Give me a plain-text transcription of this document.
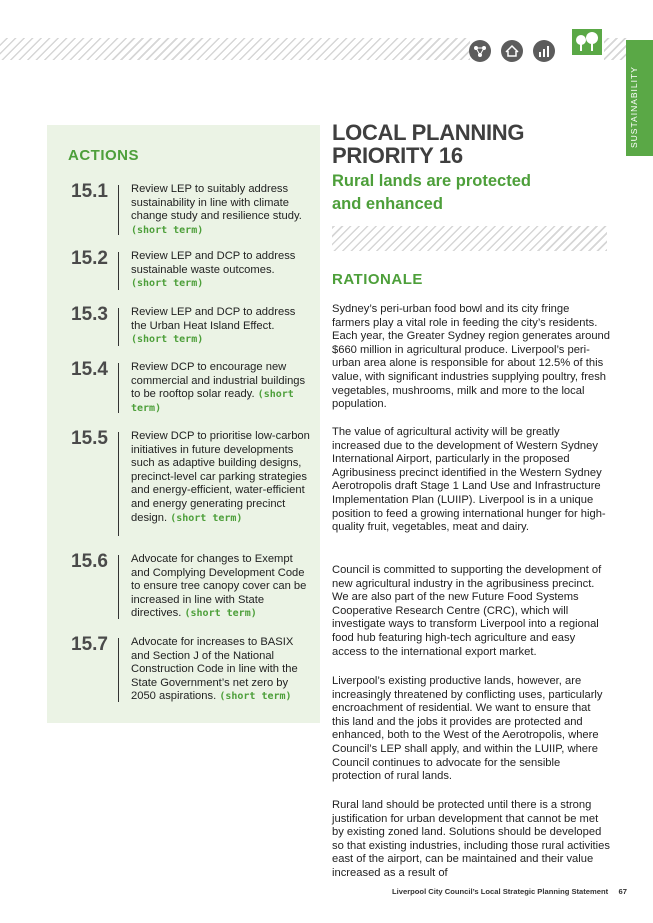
SUSTAINABILITY
ACTIONS
15.1 Review LEP to suitably address sustainability in line with climate change study and resilience study. (short term)
15.2 Review LEP and DCP to address sustainable waste outcomes. (short term)
15.3 Review LEP and DCP to address the Urban Heat Island Effect. (short term)
15.4 Review DCP to encourage new commercial and industrial buildings to be rooftop solar ready. (short term)
15.5 Review DCP to prioritise low-carbon initiatives in future developments such as adaptive building designs, precinct-level car parking strategies and energy-efficient, water-efficient and energy generating precinct design. (short term)
15.6 Advocate for changes to Exempt and Complying Development Code to ensure tree canopy cover can be increased in line with State directives. (short term)
15.7 Advocate for increases to BASIX and Section J of the National Construction Code in line with the State Government’s net zero by 2050 aspirations. (short term)
LOCAL PLANNING
PRIORITY 16
Rural lands are protected
and enhanced
RATIONALE
Sydney’s peri-urban food bowl and its city fringe farmers play a vital role in feeding the city’s residents. Each year, the Greater Sydney region generates around $660 million in agricultural produce. Liverpool’s peri-urban area alone is responsible for about 12.5% of this value, with significant industries supplying poultry, fresh vegetables, mushrooms, milk and more to the local population.
The value of agricultural activity will be greatly increased due to the development of Western Sydney International Airport, particularly in the proposed Agribusiness precinct identified in the Western Sydney Aerotropolis draft Stage 1 Land Use and Infrastructure Implementation Plan (LUIIP). Liverpool is in a unique position to feed a growing international hunger for high-quality fruit, vegetables, meat and dairy.
Council is committed to supporting the development of new agricultural industry in the agribusiness precinct. We are also part of the new Future Food Systems Cooperative Research Centre (CRC), which will investigate ways to transform Liverpool into a regional food hub featuring high-tech agriculture and easy access to the international export market.
Liverpool’s existing productive lands, however, are increasingly threatened by conflicting uses, particularly encroachment of residential. We want to ensure that this land and the jobs it provides are protected and enhanced, both to the West of the Aerotropolis, where Council’s LEP shall apply, and within the LUIIP, where Council continues to advocate for the sensible protection of rural lands.
Rural land should be protected until there is a strong justification for urban development that cannot be met by existing zoned land. Solutions should be developed so that existing industries, including those rural activities east of the airport, can be maintained and their value increased as a result of
Liverpool City Council’s Local Strategic Planning Statement 67
